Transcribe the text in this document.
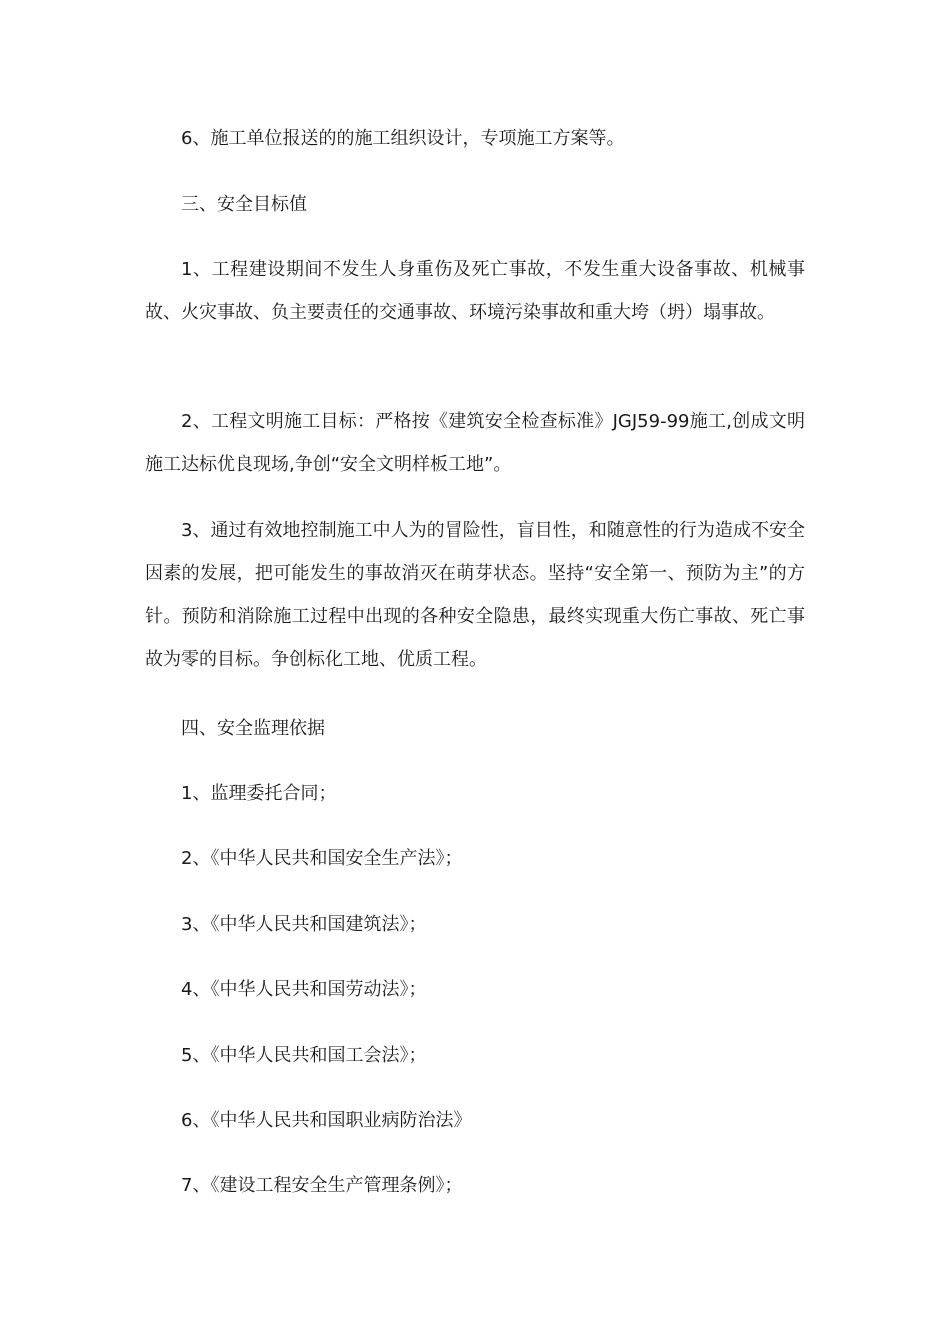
6、施工单位报送的的施工组织设计，专项施工方案等。

三、安全目标值

1、工程建设期间不发生人身重伤及死亡事故，不发生重大设备事故、机械事故、火灾事故、负主要责任的交通事故、环境污染事故和重大垮（坍）塌事故。

2、工程文明施工目标：严格按《建筑安全检查标准》JGJ59-99施工,创成文明施工达标优良现场,争创“安全文明样板工地”。

3、通过有效地控制施工中人为的冒险性，盲目性，和随意性的行为造成不安全因素的发展，把可能发生的事故消灭在萌芽状态。坚持“安全第一、预防为主”的方针。预防和消除施工过程中出现的各种安全隐患，最终实现重大伤亡事故、死亡事故为零的目标。争创标化工地、优质工程。

四、安全监理依据

1、监理委托合同；

2、《中华人民共和国安全生产法》；

3、《中华人民共和国建筑法》；

4、《中华人民共和国劳动法》；

5、《中华人民共和国工会法》；

6、《中华人民共和国职业病防治法》

7、《建设工程安全生产管理条例》；
